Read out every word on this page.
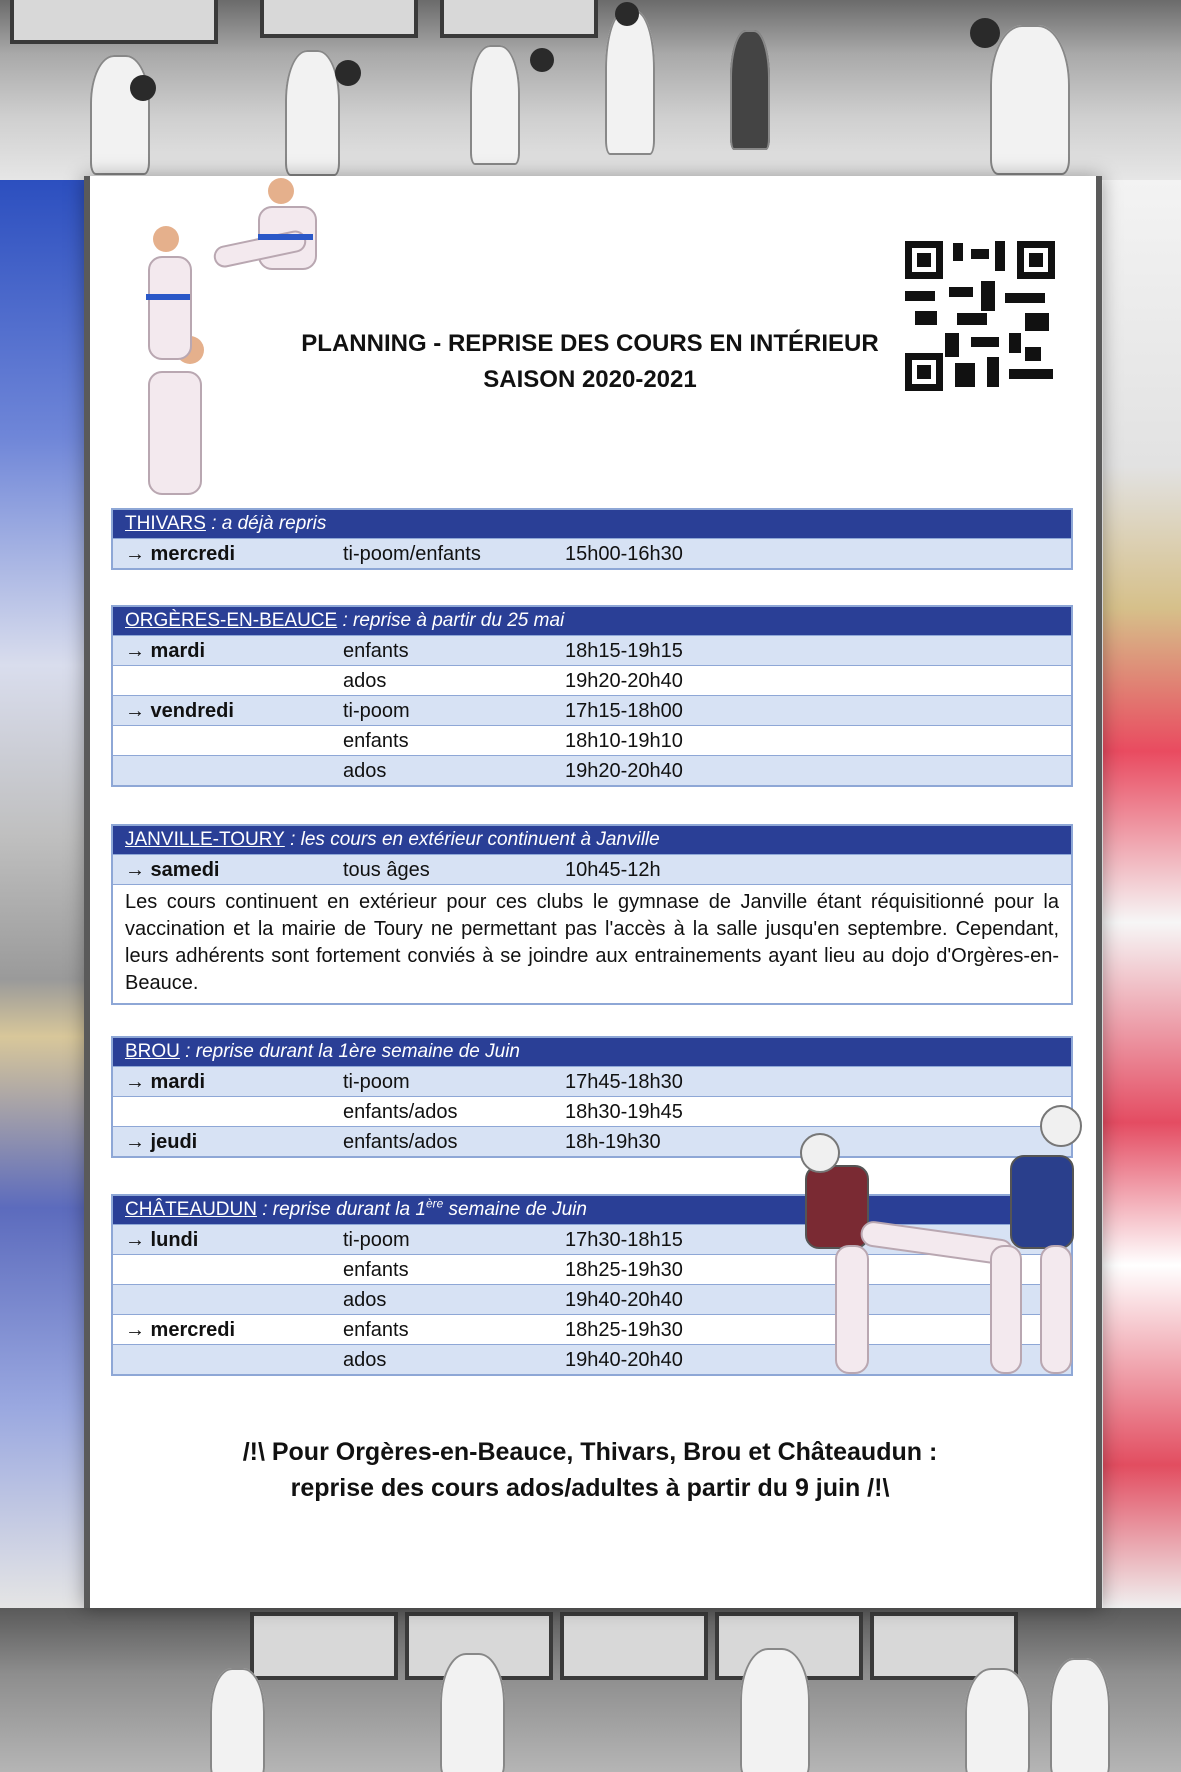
PLANNING - REPRISE DES COURS EN INTÉRIEUR
SAISON 2020-2021
THIVARS : a déjà repris
→ mercredi	ti-poom/enfants	15h00-16h30
ORGÈRES-EN-BEAUCE : reprise à partir du 25 mai
→ mardi	enfants	18h15-19h15
ados	19h20-20h40
→ vendredi	ti-poom	17h15-18h00
enfants	18h10-19h10
ados	19h20-20h40
JANVILLE-TOURY : les cours en extérieur continuent à Janville
→ samedi	tous âges	10h45-12h
Les cours continuent en extérieur pour ces clubs le gymnase de Janville étant réquisitionné pour la vaccination et la mairie de Toury ne permettant pas l'accès à la salle jusqu'en septembre. Cependant, leurs adhérents sont fortement conviés à se joindre aux entrainements ayant lieu au dojo d'Orgères-en-Beauce.
BROU : reprise durant la 1ère semaine de Juin
→ mardi	ti-poom	17h45-18h30
enfants/ados	18h30-19h45
→ jeudi	enfants/ados	18h-19h30
CHÂTEAUDUN : reprise durant la 1ère semaine de Juin
→ lundi	ti-poom	17h30-18h15
enfants	18h25-19h30
ados	19h40-20h40
→ mercredi	enfants	18h25-19h30
ados	19h40-20h40
/!\ Pour Orgères-en-Beauce, Thivars, Brou et Châteaudun :
reprise des cours ados/adultes à partir du 9 juin /!\
